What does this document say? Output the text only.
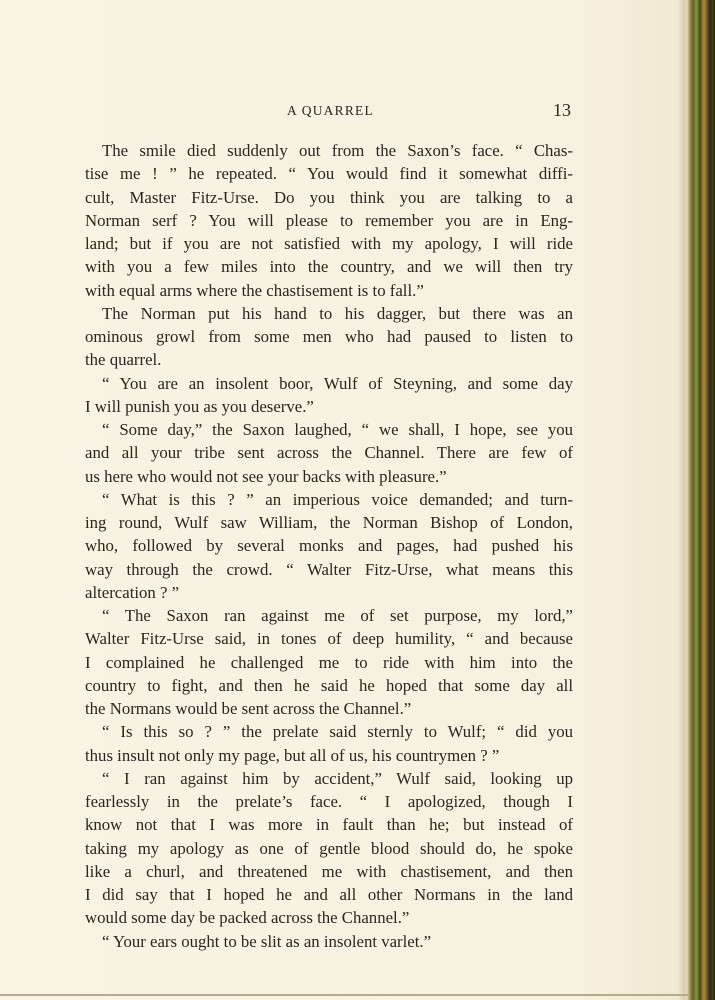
A QUARREL	13
The smile died suddenly out from the Saxon’s face. “ Chas-
tise me ! ” he repeated. “ You would find it somewhat diffi-
cult, Master Fitz-Urse. Do you think you are talking to a
Norman serf ? You will please to remember you are in Eng-
land; but if you are not satisfied with my apology, I will ride
with you a few miles into the country, and we will then try
with equal arms where the chastisement is to fall.”
The Norman put his hand to his dagger, but there was an
ominous growl from some men who had paused to listen to
the quarrel.
“ You are an insolent boor, Wulf of Steyning, and some day
I will punish you as you deserve.”
“ Some day,” the Saxon laughed, “ we shall, I hope, see you
and all your tribe sent across the Channel. There are few of
us here who would not see your backs with pleasure.”
“ What is this ? ” an imperious voice demanded; and turn-
ing round, Wulf saw William, the Norman Bishop of London,
who, followed by several monks and pages, had pushed his
way through the crowd. “ Walter Fitz-Urse, what means this
altercation ? ”
“ The Saxon ran against me of set purpose, my lord,”
Walter Fitz-Urse said, in tones of deep humility, “ and because
I complained he challenged me to ride with him into the
country to fight, and then he said he hoped that some day all
the Normans would be sent across the Channel.”
“ Is this so ? ” the prelate said sternly to Wulf; “ did you
thus insult not only my page, but all of us, his countrymen ? ”
“ I ran against him by accident,” Wulf said, looking up
fearlessly in the prelate’s face. “ I apologized, though I
know not that I was more in fault than he; but instead of
taking my apology as one of gentle blood should do, he spoke
like a churl, and threatened me with chastisement, and then
I did say that I hoped he and all other Normans in the land
would some day be packed across the Channel.”
“ Your ears ought to be slit as an insolent varlet.”
